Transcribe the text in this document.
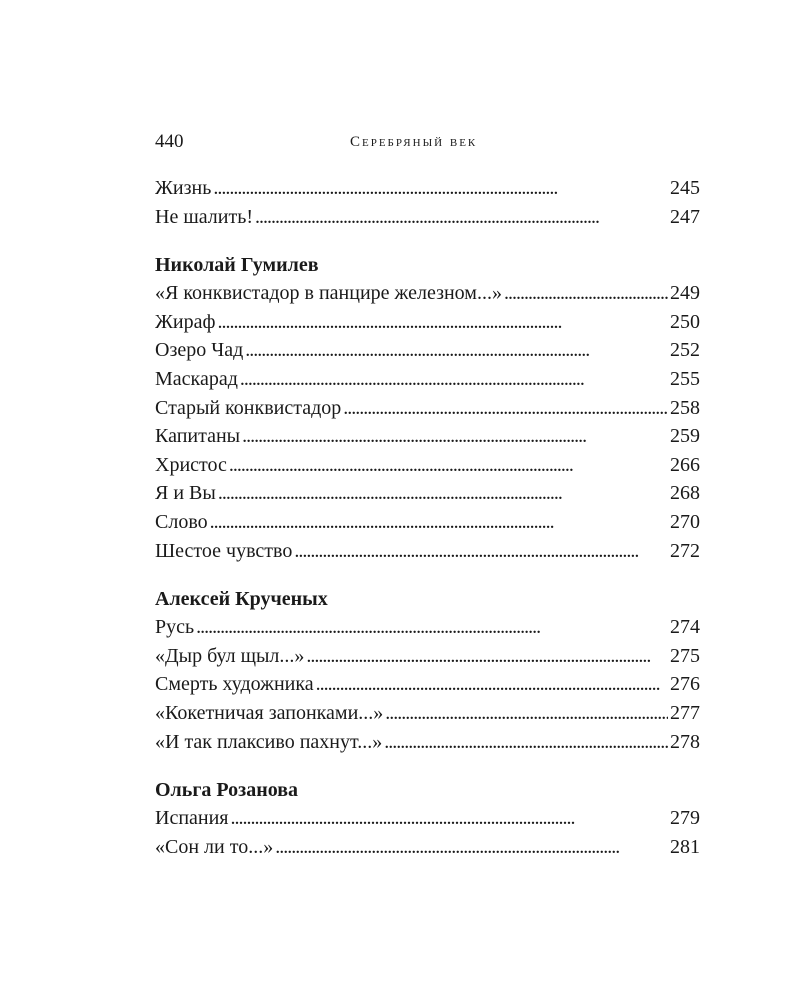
440	Серебряный век
Жизнь . . .	245
Не шалить! . . .	247
Николай Гумилев
«Я конквистадор в панцире железном...» . . .	249
Жираф . . .	250
Озеро Чад . . .	252
Маскарад . . .	255
Старый конквистадор . . .	258
Капитаны . . .	259
Христос . . .	266
Я и Вы . . .	268
Слово . . .	270
Шестое чувство . . .	272
Алексей Крученых
Русь . . .	274
«Дыр бул щыл...» . . .	275
Смерть художника . . .	276
«Кокетничая запонками...» . . .	277
«И так плаксиво пахнут...» . . .	278
Ольга Розанова
Испания . . .	279
«Сон ли то...» . . .	281
